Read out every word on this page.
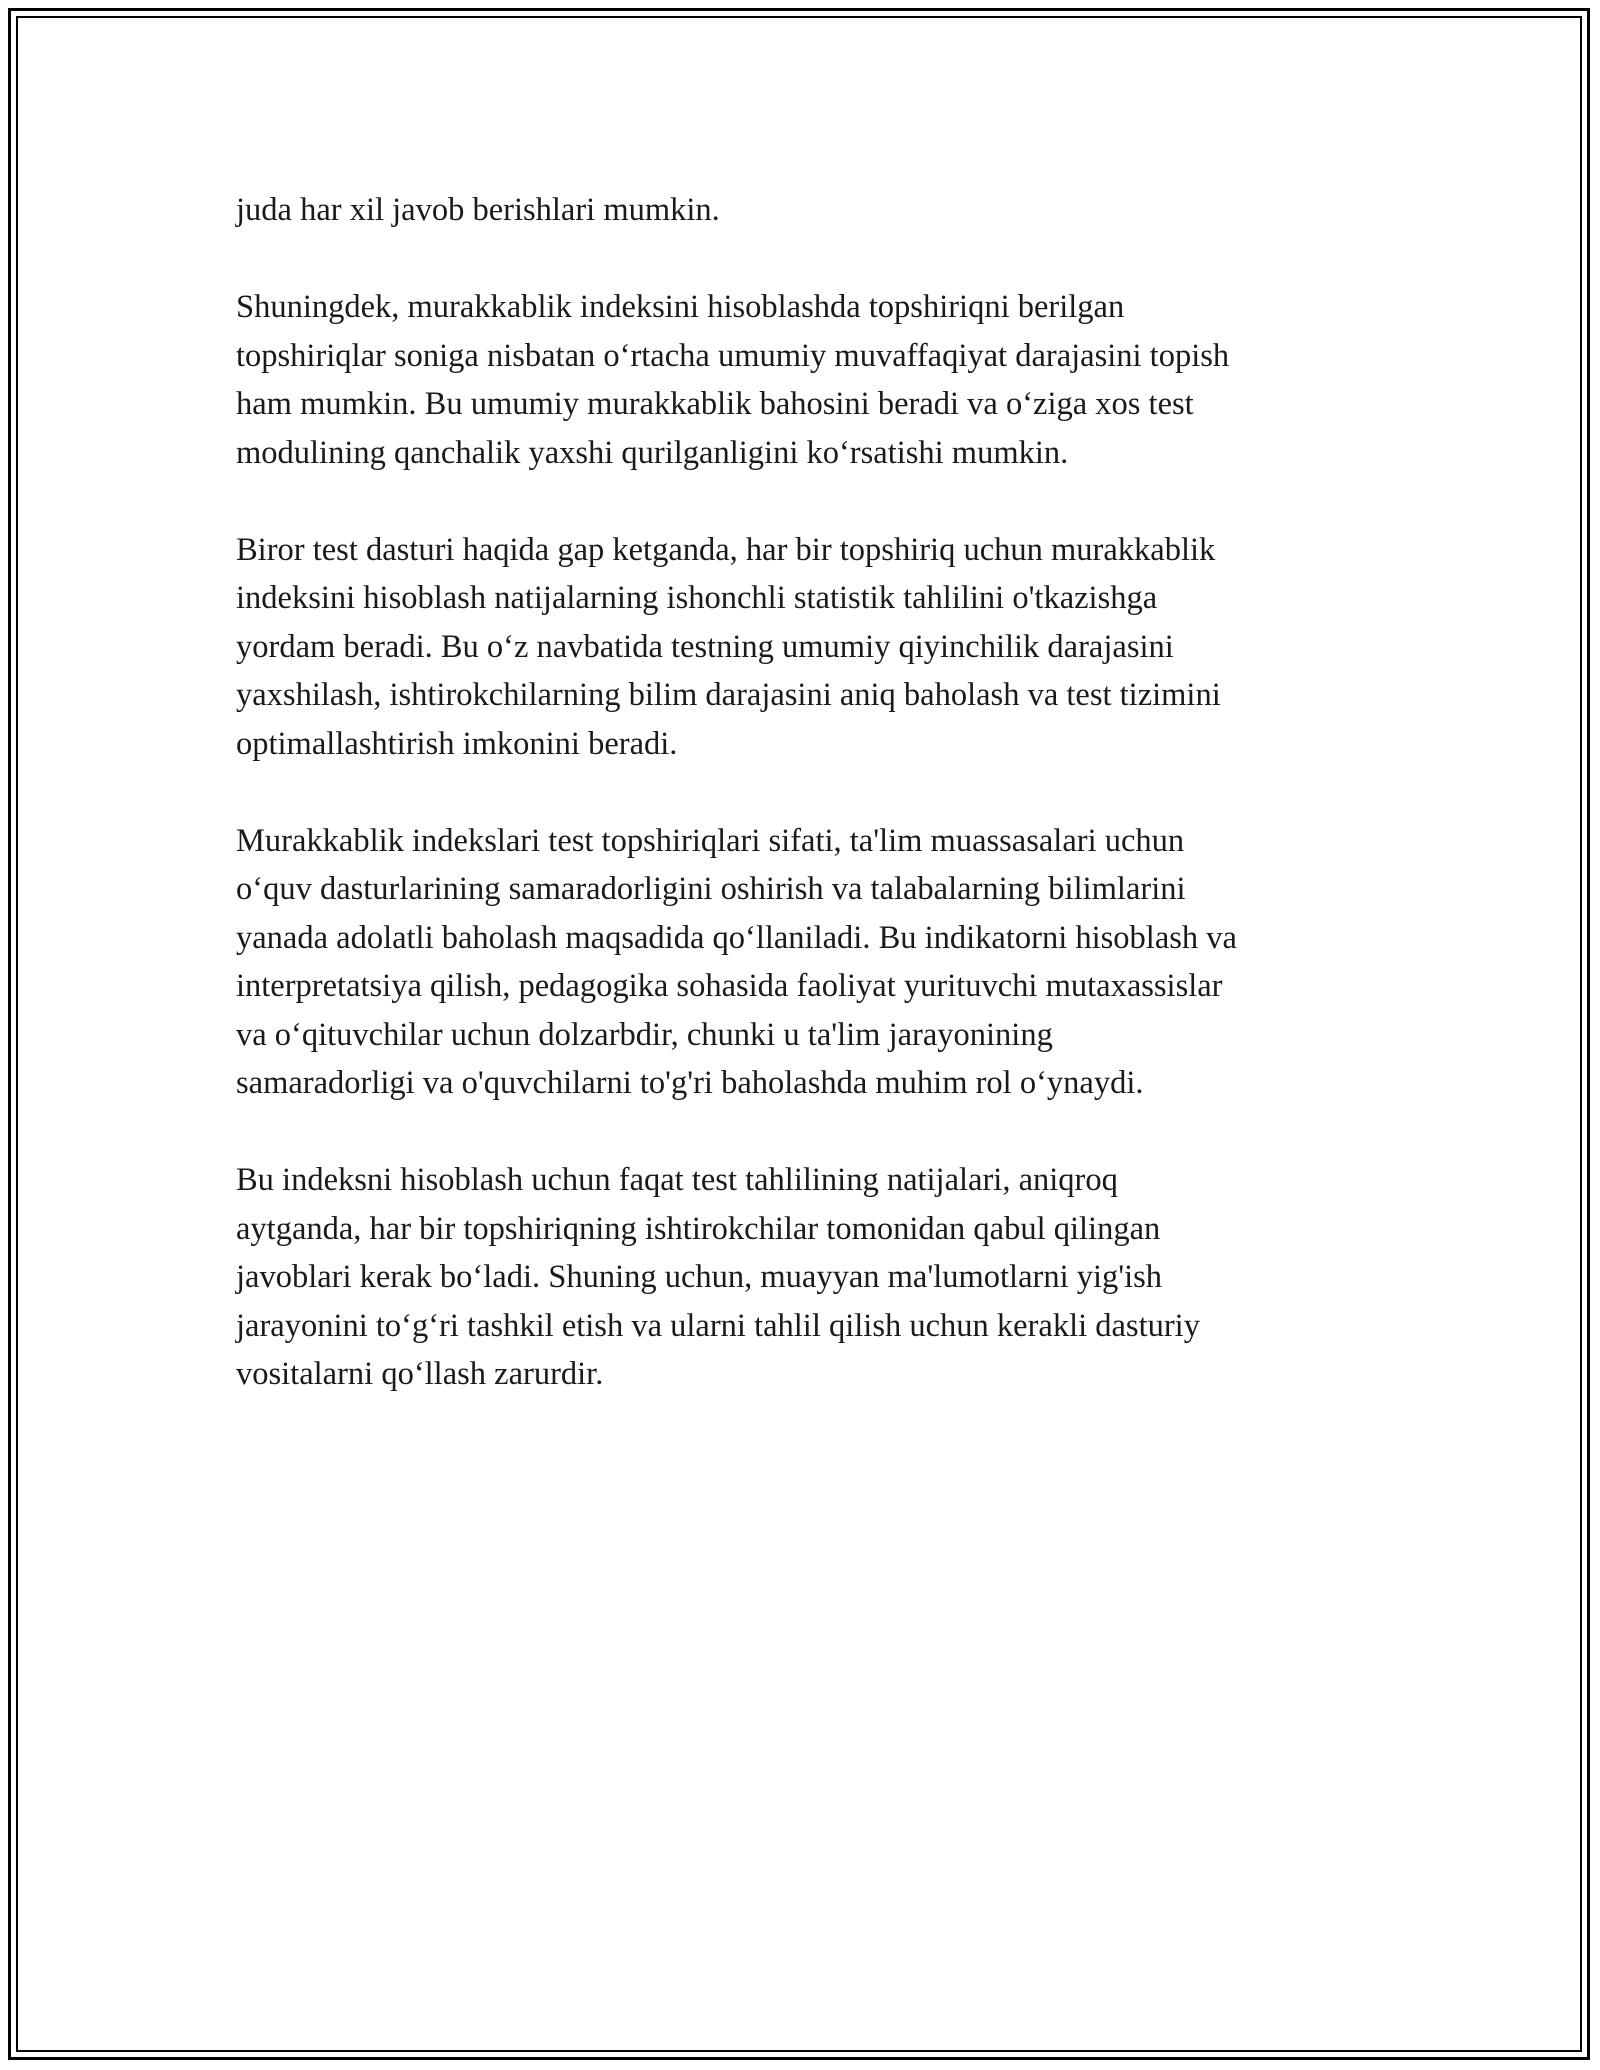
juda har xil javob berishlari mumkin.

Shuningdek, murakkablik indeksini hisoblashda topshiriqni berilgan
topshiriqlar soniga nisbatan oʻrtacha umumiy muvaffaqiyat darajasini topish
ham mumkin. Bu umumiy murakkablik bahosini beradi va oʻziga xos test
modulining qanchalik yaxshi qurilganligini koʻrsatishi mumkin.

Biror test dasturi haqida gap ketganda, har bir topshiriq uchun murakkablik
indeksini hisoblash natijalarning ishonchli statistik tahlilini o'tkazishga
yordam beradi. Bu oʻz navbatida testning umumiy qiyinchilik darajasini
yaxshilash, ishtirokchilarning bilim darajasini aniq baholash va test tizimini
optimallashtirish imkonini beradi.

Murakkablik indekslari test topshiriqlari sifati, ta'lim muassasalari uchun
oʻquv dasturlarining samaradorligini oshirish va talabalarning bilimlarini
yanada adolatli baholash maqsadida qoʻllaniladi. Bu indikatorni hisoblash va
interpretatsiya qilish, pedagogika sohasida faoliyat yurituvchi mutaxassislar
va oʻqituvchilar uchun dolzarbdir, chunki u ta'lim jarayonining
samaradorligi va o'quvchilarni to'g'ri baholashda muhim rol oʻynaydi.

Bu indeksni hisoblash uchun faqat test tahlilining natijalari, aniqroq
aytganda, har bir topshiriqning ishtirokchilar tomonidan qabul qilingan
javoblari kerak boʻladi. Shuning uchun, muayyan ma'lumotlarni yig'ish
jarayonini toʻgʻri tashkil etish va ularni tahlil qilish uchun kerakli dasturiy
vositalarni qoʻllash zarurdir.
